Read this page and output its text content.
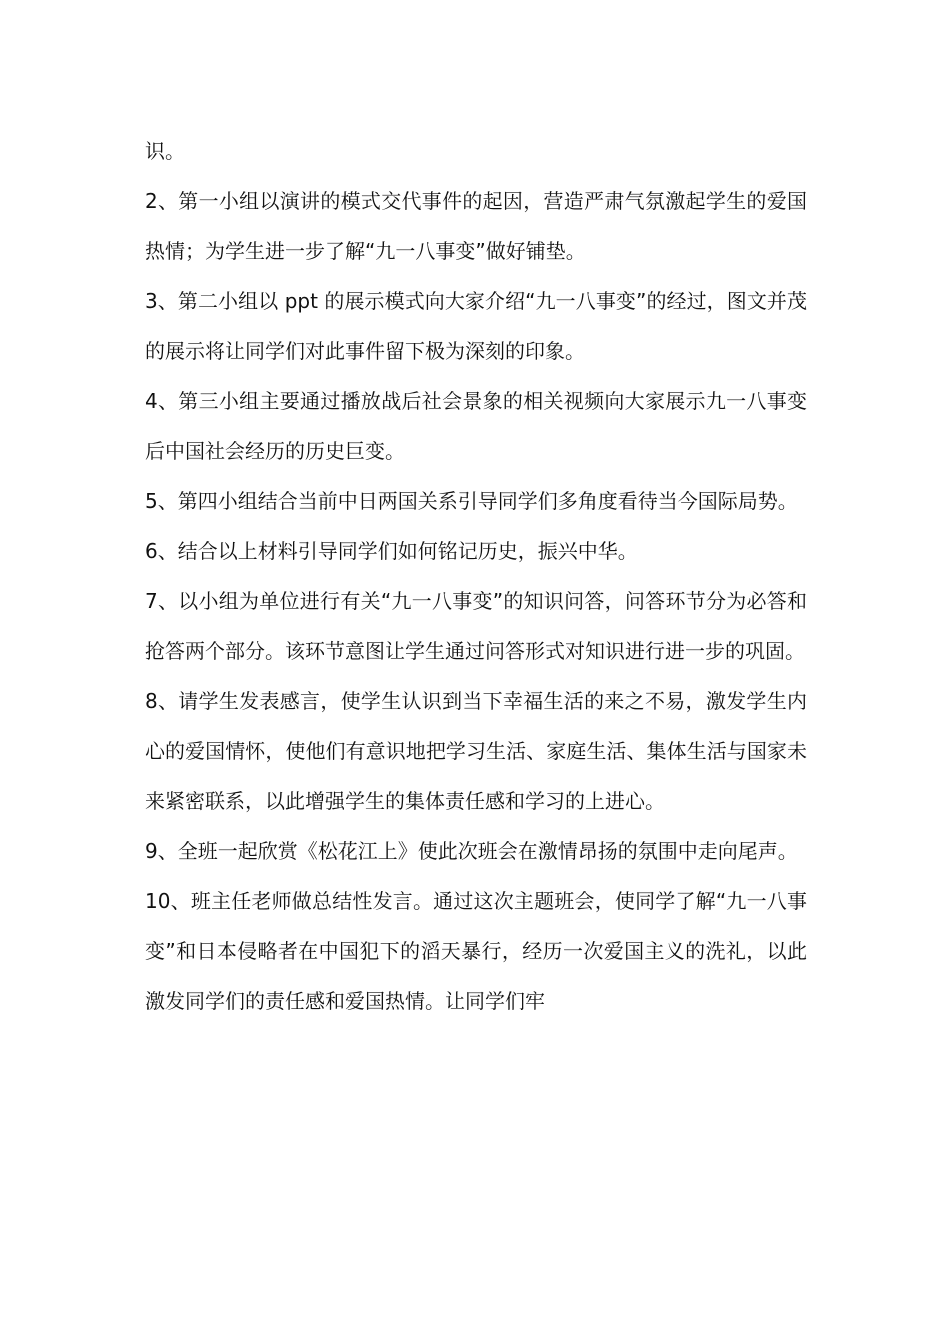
识。

2、第一小组以演讲的模式交代事件的起因，营造严肃气氛激起学生的爱国热情；为学生进一步了解“九一八事变”做好铺垫。

3、第二小组以 ppt 的展示模式向大家介绍“九一八事变”的经过，图文并茂的展示将让同学们对此事件留下极为深刻的印象。

4、第三小组主要通过播放战后社会景象的相关视频向大家展示九一八事变后中国社会经历的历史巨变。

5、第四小组结合当前中日两国关系引导同学们多角度看待当今国际局势。

6、结合以上材料引导同学们如何铭记历史，振兴中华。

7、以小组为单位进行有关“九一八事变”的知识问答，问答环节分为必答和抢答两个部分。该环节意图让学生通过问答形式对知识进行进一步的巩固。

8、请学生发表感言，使学生认识到当下幸福生活的来之不易，激发学生内心的爱国情怀，使他们有意识地把学习生活、家庭生活、集体生活与国家未来紧密联系，以此增强学生的集体责任感和学习的上进心。

9、全班一起欣赏《松花江上》使此次班会在激情昂扬的氛围中走向尾声。

10、班主任老师做总结性发言。通过这次主题班会，使同学了解“九一八事变”和日本侵略者在中国犯下的滔天暴行，经历一次爱国主义的洗礼，以此激发同学们的责任感和爱国热情。让同学们牢
